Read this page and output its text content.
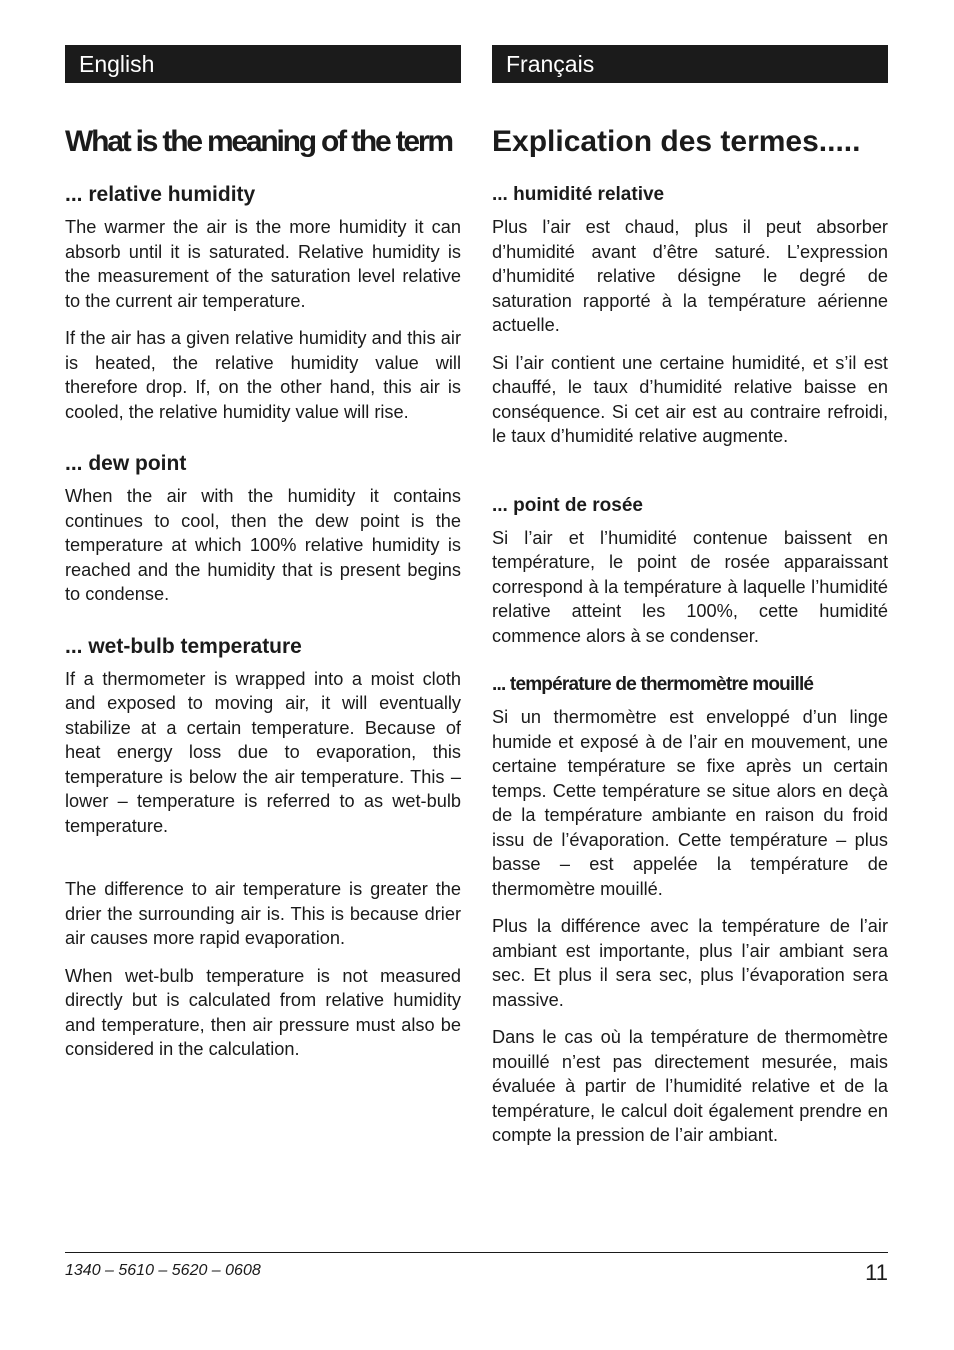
English
What is the meaning of the term
... relative humidity

The warmer the air is the more humidity it can absorb until it is saturated. Relative humidity is the measurement of the saturation level relative to the current air temperature.

If the air has a given relative humidity and this air is heated, the relative humidity value will therefore drop. If, on the other hand, this air is cooled, the relative humidity value will rise.

... dew point

When the air with the humidity it contains continues to cool, then the dew point is the temperature at which 100% relative humidity is reached and the humidity that is present begins to condense.

... wet-bulb temperature

If a thermometer is wrapped into a moist cloth and exposed to moving air, it will eventually stabilize at a certain temperature. Because of heat energy loss due to evaporation, this temperature is below the air temperature. This – lower – temperature is referred to as wet-bulb temperature.

The difference to air temperature is greater the drier the surrounding air is. This is because drier air causes more rapid evaporation.

When wet-bulb temperature is not measured directly but is calculated from relative humidity and temperature, then air pressure must also be considered in the calculation.

Français
Explication des termes.....
... humidité relative

Plus l’air est chaud, plus il peut absorber d’humidité avant d’être saturé. L’expression d’humidité relative désigne le degré de saturation rapporté à la température aérienne actuelle.

Si l’air contient une certaine humidité, et s’il est chauffé, le taux d’humidité relative baisse en conséquence. Si cet air est au contraire refroidi, le taux d’humidité relative augmente.

... point de rosée

Si l’air et l’humidité contenue baissent en température, le point de rosée apparaissant correspond à la température à laquelle l’humidité relative atteint les 100%, cette humidité commence alors à se condenser.

... température de thermomètre mouillé

Si un thermomètre est enveloppé d’un linge humide et exposé à de l’air en mouvement, une certaine température se fixe après un certain temps. Cette température se situe alors en deçà de la température ambiante en raison du froid issu de l’évaporation. Cette température – plus basse – est appelée la température de thermomètre mouillé.

Plus la différence avec la température de l’air ambiant est importante, plus l’air ambiant sera sec. Et plus il sera sec, plus l’évaporation sera massive.

Dans le cas où la température de thermomètre mouillé n’est pas directement mesurée, mais évaluée à partir de l’humidité relative et de la température, le calcul doit également prendre en compte la pression de l’air ambiant.

1340 – 5610 – 5620 – 0608	11
